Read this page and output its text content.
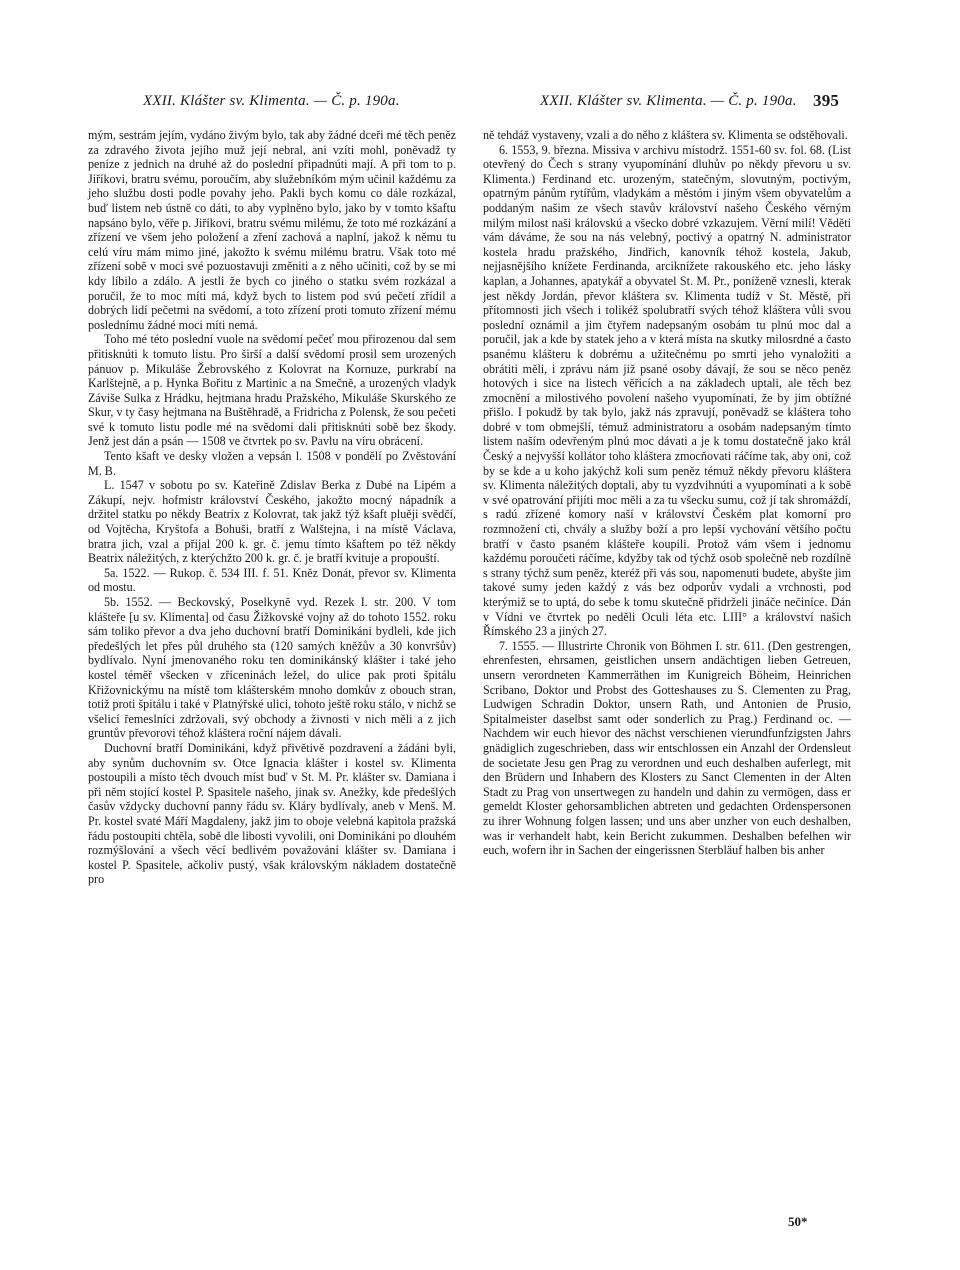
XXII. Klášter sv. Klimenta. — Č. p. 190a.	XXII. Klášter sv. Klimenta. — Č. p. 190a. 395

mým, sestrám jejím, vydáno živým bylo, tak aby žádné dceři mé těch peněz za zdravého života jejího muž její nebral, ani vzíti mohl, poněvadž ty peníze z jednich na druhé až do poslední připadnúti mají. A při tom to p. Jiříkovi, bratru svému, poroučím, aby služebníkóm mým učinil každému za jeho službu dosti podle povahy jeho. Pakli bych komu co dále rozkázal, buď listem neb ústně co dáti, to aby vyplněno bylo, jako by v tomto kšaftu napsáno bylo, věře p. Jiříkovi, bratru svému milému, že toto mé rozkázání a zřízení ve všem jeho položení a zření zachová a naplní, jakož k němu tu celú víru mám mimo jiné, jakožto k svému milému bratru. Však toto mé zřízení sobě v moci své pozuostavuji změniti a z něho učiniti, což by se mi kdy líbilo a zdálo. A jestli že bych co jiného o statku svém rozkázal a poručil, že to moc míti má, když bych to listem pod svú pečetí zřídil a dobrých lidí pečetmi na svědomí, a toto zřízení proti tomuto zřízení mému poslednímu žádné moci míti nemá.

Toho mé této poslední vuole na svědomí pečeť mou přirozenou dal sem přitisknúti k tomuto listu. Pro širší a další svědomí prosil sem urozených pánuov p. Mikuláše Žebrovského z Kolovrat na Kornuze, purkrabí na Karlštejně, a p. Hynka Bořitu z Martinic a na Smečně, a urozených vladyk Záviše Sulka z Hrádku, hejtmana hradu Pražského, Mikuláše Skurského ze Skur, v ty časy hejtmana na Buštěhradě, a Fridricha z Polensk, že sou pečeti své k tomuto listu podle mé na svědomí dali přitisknúti sobě bez škody. Jenž jest dán a psán — 1508 ve čtvrtek po sv. Pavlu na víru obrácení.

Tento kšaft ve desky vložen a vepsán l. 1508 v pondělí po Zvěstování M. B.

L. 1547 v sobotu po sv. Kateřině Zdislav Berka z Dubé na Lipém a Zákupí, nejv. hofmistr království Českého, jakožto mocný nápadník a držitel statku po někdy Beatrix z Kolovrat, tak jakž týž kšaft pluěji svědčí, od Vojtěcha, Kryštofa a Bohuši, bratří z Walštejna, i na místě Václava, bratra jich, vzal a přijal 200 k. gr. č. jemu tímto kšaftem po též někdy Beatrix náležitých, z kterýchžto 200 k. gr. č. je bratří kvituje a propouští.

5a. 1522. — Rukop. č. 534 III. f. 51. Kněz Donát, převor sv. Klimenta od mostu.

5b. 1552. — Beckovský, Poselkyně vyd. Rezek I. str. 200. V tom klášteře [u sv. Klimenta] od času Žižkovské vojny až do tohoto 1552. roku sám toliko převor a dva jeho duchovní bratří Dominikáni bydleli, kde jich předešlých let přes půl druhého sta (120 samých kněžův a 30 konvršův) bydlívalo. Nyní jmenovaného roku ten dominikánský klášter i také jeho kostel téměř všecken v zříceninách ležel, do ulice pak proti špitálu Křižovnickýmu na místě tom klášterském mnoho domkův z obouch stran, totiž proti špitálu i také v Platnýřské ulici, tohoto ještě roku stálo, v nichž se všelicí řemeslníci zdržovali, svý obchody a živnosti v nich měli a z jich gruntův převorovi téhož kláštera roční nájem dávali.

Duchovní bratří Dominikáni, když přivětivě pozdravení a žádáni byli, aby synům duchovním sv. Otce Ignacia klášter i kostel sv. Klimenta postoupili a místo těch dvouch míst buď v St. M. Pr. klášter sv. Damiana i při něm stojící kostel P. Spasitele našeho, jinak sv. Anežky, kde předešlých časův vždycky duchovní panny řádu sv. Kláry bydlívaly, aneb v Menš. M. Pr. kostel svaté Máří Magdaleny, jakž jim to oboje velebná kapitola pražská řádu postoupiti chtěla, sobě dle libosti vyvolili, oni Dominikáni po dlouhém rozmýšlování a všech věcí bedlivém považování klášter sv. Damiana i kostel P. Spasitele, ačkoliv pustý, však královským nákladem dostatečně pro

ně tehdáž vystaveny, vzali a do něho z kláštera sv. Klimenta se odstěhovali.

6. 1553, 9. března. Missiva v archivu místodrž. 1551-60 sv. fol. 68. (List otevřený do Čech s strany vyupomínání dluhův po někdy převoru u sv. Klimenta.) Ferdinand etc. urozeným, statečným, slovutným, poctivým, opatrným pánům rytířům, vladykám a městóm i jiným všem obyvatelům a poddaným našim ze všech stavův království našeho Českého věrným milým milost naši královskú a všecko dobré vzkazujem. Věrní milí! Věděti vám dáváme, že sou na nás velebný, poctivý a opatrný N. administrator kostela hradu pražského, Jindřich, kanovník téhož kostela, Jakub, nejjasnějšího knížete Ferdinanda, arciknížete rakouského etc. jeho lásky kaplan, a Johannes, apatykář a obyvatel St. M. Pr., poníženě vznesli, kterak jest někdy Jordán, převor kláštera sv. Klimenta tudíž v St. Městě, při přítomnosti jich všech i tolikéž spolubratří svých téhož kláštera vůli svou poslední oznámil a jim čtyřem nadepsaným osobám tu plnú moc dal a poručil, jak a kde by statek jeho a v která místa na skutky milosrdné a často psanému klášteru k dobrému a užitečnému po smrti jeho vynaložiti a obrátiti měli, i zprávu nám již psané osoby dávají, že sou se něco peněz hotových i sice na listech věřicích a na základech uptali, ale těch bez zmocnění a milostivého povolení našeho vyupomínati, že by jim obtížné přišlo. I pokudž by tak bylo, jakž nás zpravují, poněvadž se kláštera toho dobré v tom obmejšlí, témuž administratoru a osobám nadepsaným tímto listem naším odevřeným plnú moc dávati a je k tomu dostatečně jako král Český a nejvyšší kollátor toho kláštera zmocňovati ráčíme tak, aby oni, což by se kde a u koho jakýchž koli sum peněz témuž někdy převoru kláštera sv. Klimenta náležitých doptali, aby tu vyzdvihnúti a vyupomínati a k sobě v své opatrování přijíti moc měli a za tu všecku sumu, což jí tak shromáždí, s radú zřízené komory naší v království Českém plat komorní pro rozmnožení cti, chvály a služby boží a pro lepší vychování většího počtu bratří v často psaném klášteře koupili. Protož vám všem i jednomu každému poroučeti ráčíme, kdyžby tak od týchž osob společně neb rozdílně s strany týchž sum peněz, kteréž při vás sou, napomenuti budete, abyšte jim takové sumy jeden každý z vás bez odporův vydali a vrchnosti, pod kterýmiž se to uptá, do sebe k tomu skutečně přidrželi jináče nečiníce. Dán v Vídni ve čtvrtek po neděli Oculi léta etc. LIII° a království našich Římského 23 a jiných 27.

7. 1555. — Illustrirte Chronik von Böhmen I. str. 611. (Den gestrengen, ehrenfesten, ehrsamen, geistlichen unsern andächtigen lieben Getreuen, unsern verordneten Kammerräthen im Kunigreich Böheim, Heinrichen Scribano, Doktor und Probst des Gotteshauses zu S. Clementen zu Prag, Ludwigen Schradin Doktor, unsern Rath, und Antonien de Prusio, Spitalmeister daselbst samt oder sonderlich zu Prag.) Ferdinand oc. — Nachdem wir euch hievor des nächst verschienen vierundfunfzigsten Jahrs gnädiglich zugeschrieben, dass wir entschlossen ein Anzahl der Ordensleut de societate Jesu gen Prag zu verordnen und euch deshalben auferlegt, mit den Brüdern und Inhabern des Klosters zu Sanct Clementen in der Alten Stadt zu Prag von unsertwegen zu handeln und dahin zu vermögen, dass er gemeldt Kloster gehorsamblichen abtreten und gedachten Ordenspersonen zu ihrer Wohnung folgen lassen; und uns aber unzher von euch deshalben, was ir verhandelt habt, kein Bericht zukummen. Deshalben befelhen wir euch, wofern ihr in Sachen der eingerissnen Sterbläuf halben bis anher

50*
